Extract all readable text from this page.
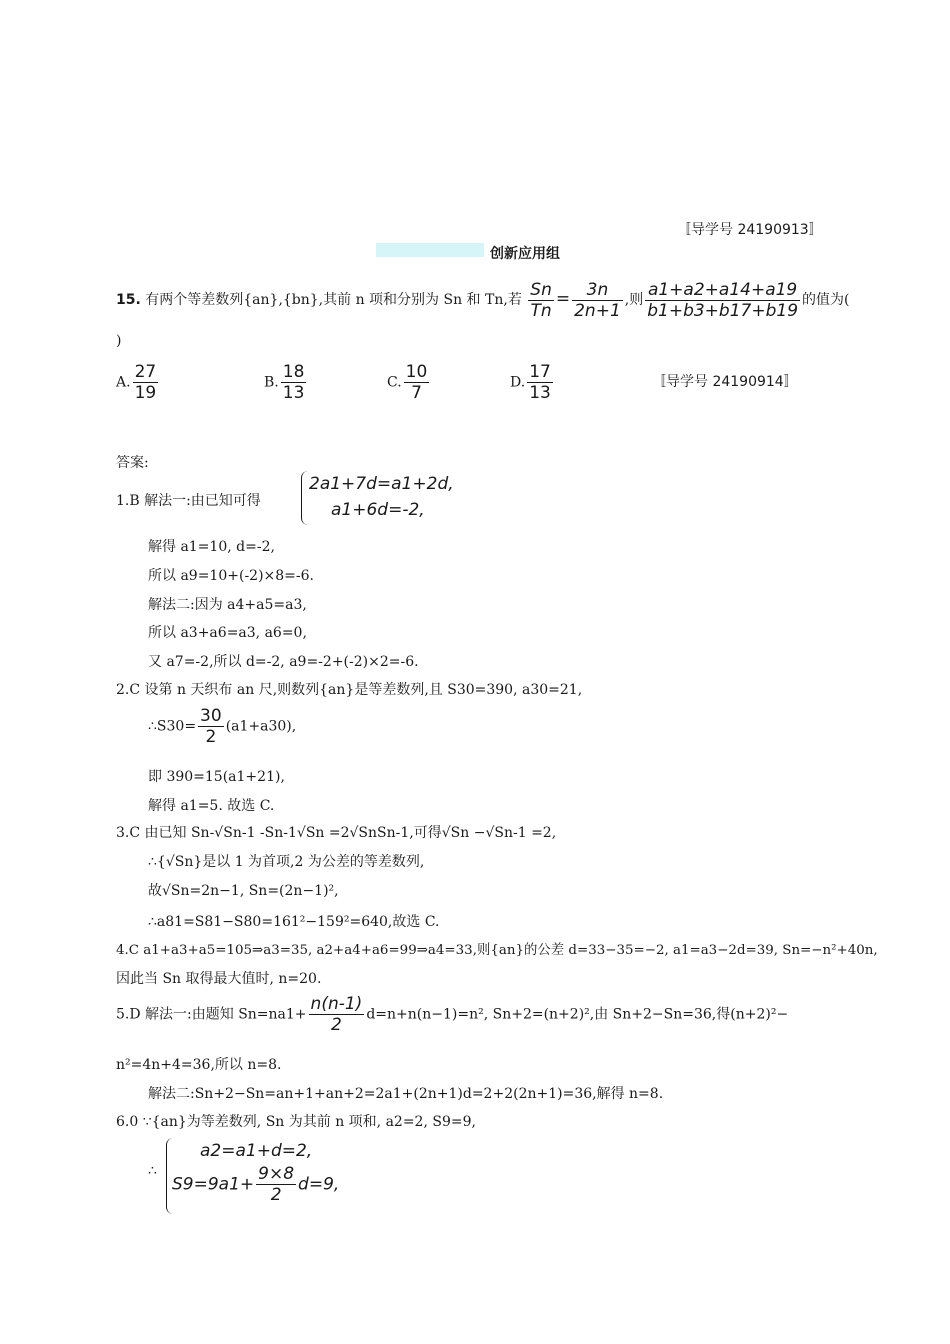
〚导学号 24190913〛
创新应用组
15. 有两个等差数列{an},{bn},其前 n 项和分别为 Sn 和 Tn,若 $\frac{Sn}{Tn} = \frac{3n}{2n+1}$ ,则 $\frac{a1+a2+a14+a19}{b1+b3+b17+b19}$ 的值为(
)
A. $\frac{27}{19}$	B. $\frac{18}{13}$	C. $\frac{10}{7}$	D. $\frac{17}{13}$	〚导学号 24190914〛
答案:
1.B 解法一:由已知可得
2a1+7d=a1+2d,
a1+6d=-2,
解得 a1=10, d=-2,
所以 a9=10+(-2)×8=-6.
解法二:因为 a4+a5=a3,
所以 a3+a6=a3, a6=0,
又 a7=-2,所以 d=-2, a9=-2+(-2)×2=-6.
2.C 设第 n 天织布 an 尺,则数列{an}是等差数列,且 S30=390, a30=21,
∴S30= $\frac{30}{2} (a1+a30)$,
即 390=15(a1+21),
解得 a1=5. 故选 C.
3.C 由已知 Sn-√Sn-1 -Sn-1√Sn =2√SnSn-1,可得√Sn −√Sn-1 =2,
∴{√Sn}是以 1 为首项,2 为公差的等差数列,
故√Sn=2n−1, Sn=(2n−1)²,
∴a81=S81−S80=161²−159²=640,故选 C.
4.C a1+a3+a5=105⇒a3=35, a2+a4+a6=99⇒a4=33,则{an}的公差 d=33−35=−2, a1=a3−2d=39, Sn=−n²+40n,
因此当 Sn 取得最大值时, n=20.
5.D 解法一:由题知 $Sn=na1+ \frac{n(n-1)}{2} d=n+n(n-1)=n^2$, Sn+2=(n+2)²,由 Sn+2−Sn=36,得(n+2)²−
n²=4n+4=36,所以 n=8.
解法二:Sn+2−Sn=an+1+an+2=2a1+(2n+1)d=2+2(2n+1)=36,解得 n=8.
6.0 ∵{an}为等差数列, Sn 为其前 n 项和, a2=2, S9=9,
∴
a2=a1+d=2,
$S9=9a1+ \frac{9\times 8}{2} d=9$,
